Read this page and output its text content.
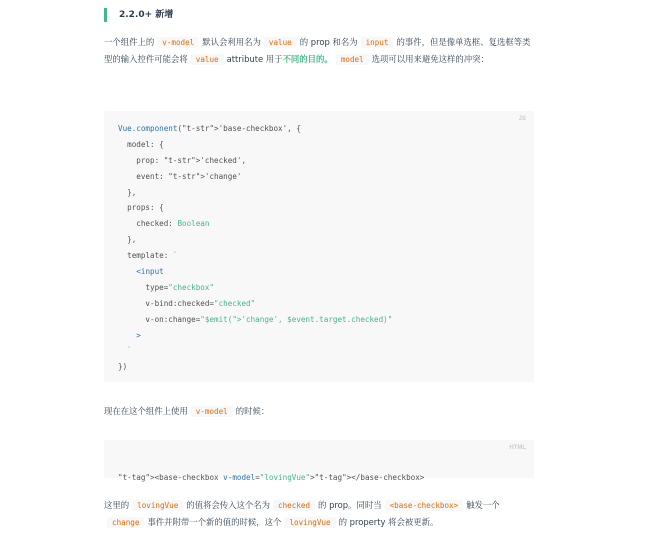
2.2.0+ 新增

一个组件上的 v-model 默认会利用名为 value 的 prop 和名为 input 的事件，但是像单选框、复选框等类型的输入控件可能会将 value attribute 用于不同的目的。 model 选项可以用来避免这样的冲突：

JS
Vue.component("t-str">'base-checkbox', {
model: {
prop: "t-str">'checked',
event: "t-str">'change'
},
props: {
checked: Boolean
},
template: `
<input
type="checkbox"
v-bind:checked="checked"
v-on:change="$emit(">'change', $event.target.checked)"
>
`
})

现在在这个组件上使用 v-model 的时候：

HTML

"t-tag"><base-checkbox v-model="lovingVue">"t-tag"></base-checkbox>

这里的 lovingVue 的值将会传入这个名为 checked 的 prop。同时当 <base-checkbox> 触发一个change 事件并附带一个新的值的时候，这个 lovingVue 的 property 将会被更新。
